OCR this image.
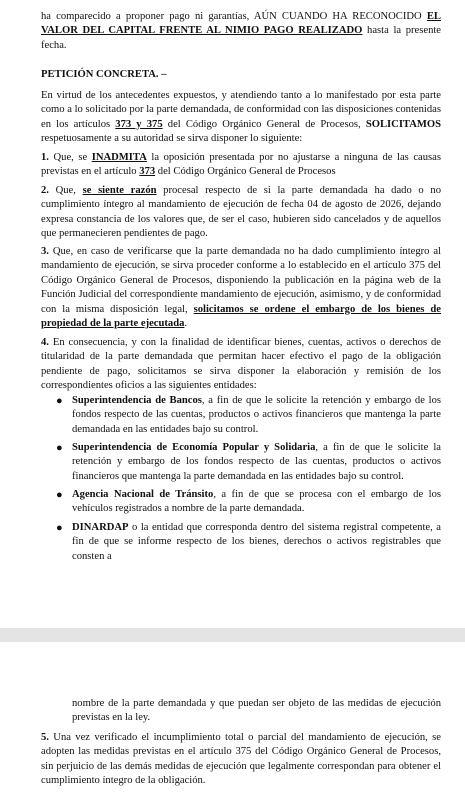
ha comparecido a proponer pago ni garantías, AÚN CUANDO HA RECONOCIDO EL VALOR DEL CAPITAL FRENTE AL NIMIO PAGO REALIZADO hasta la presente fecha.

PETICIÓN CONCRETA. –

En virtud de los antecedentes expuestos, y atendiendo tanto a lo manifestado por esta parte como a lo solicitado por la parte demandada, de conformidad con las disposiciones contenidas en los artículos 373 y 375 del Código Orgánico General de Procesos, SOLICITAMOS respetuosamente a su autoridad se sirva disponer lo siguiente:

1. Que, se INADMITA la oposición presentada por no ajustarse a ninguna de las causas previstas en el artículo 373 del Código Orgánico General de Procesos

2. Que, se siente razón procesal respecto de si la parte demandada ha dado o no cumplimiento íntegro al mandamiento de ejecución de fecha 04 de agosto de 2026, dejando expresa constancia de los valores que, de ser el caso, hubieren sido cancelados y de aquellos que permanecieren pendientes de pago.

3. Que, en caso de verificarse que la parte demandada no ha dado cumplimiento íntegro al mandamiento de ejecución, se sirva proceder conforme a lo establecido en el artículo 375 del Código Orgánico General de Procesos, disponiendo la publicación en la página web de la Función Judicial del correspondiente mandamiento de ejecución, asimismo, y de conformidad con la misma disposición legal, solicitamos se ordene el embargo de los bienes de propiedad de la parte ejecutada.

4. En consecuencia, y con la finalidad de identificar bienes, cuentas, activos o derechos de titularidad de la parte demandada que permitan hacer efectivo el pago de la obligación pendiente de pago, solicitamos se sirva disponer la elaboración y remisión de los correspondientes oficios a las siguientes entidades:

● Superintendencia de Bancos, a fin de que le solicite la retención y embargo de los fondos respecto de las cuentas, productos o activos financieros que mantenga la parte demandada en las entidades bajo su control.

● Superintendencia de Economía Popular y Solidaria, a fin de que le solicite la retención y embargo de los fondos respecto de las cuentas, productos o activos financieros que mantenga la parte demandada en las entidades bajo su control.

● Agencia Nacional de Tránsito, a fin de que se procesa con el embargo de los vehículos registrados a nombre de la parte demandada.

● DINARDAP o la entidad que corresponda dentro del sistema registral competente, a fin de que se informe respecto de los bienes, derechos o activos registrables que consten a

nombre de la parte demandada y que puedan ser objeto de las medidas de ejecución previstas en la ley.

5. Una vez verificado el incumplimiento total o parcial del mandamiento de ejecución, se adopten las medidas previstas en el artículo 375 del Código Orgánico General de Procesos, sin perjuicio de las demás medidas de ejecución que legalmente correspondan para obtener el cumplimiento íntegro de la obligación.
